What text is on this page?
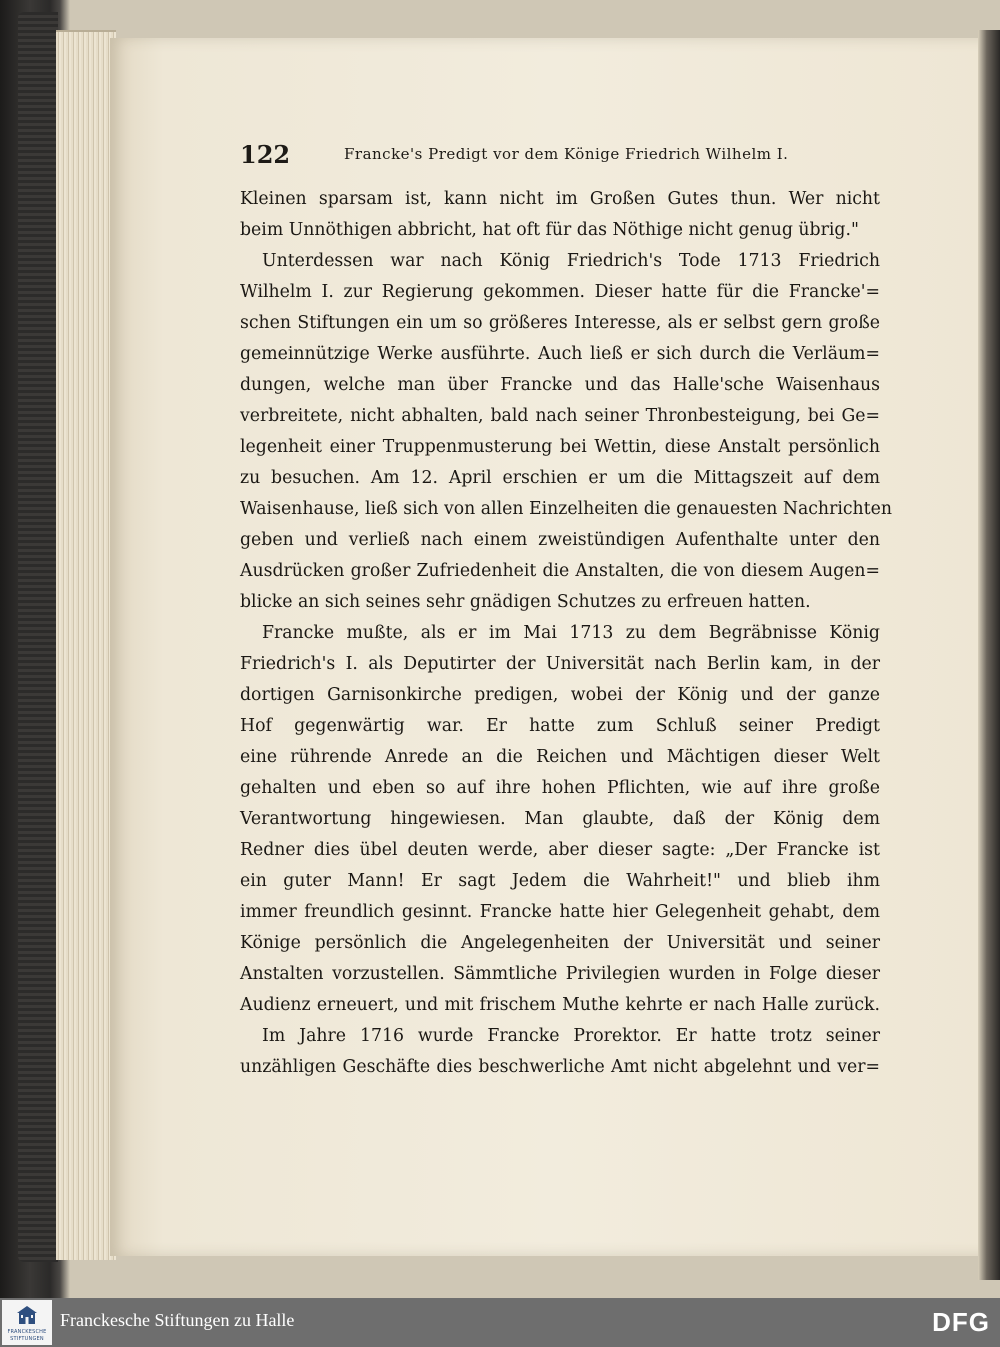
122	Francke's Predigt vor dem Könige Friedrich Wilhelm I.
Kleinen sparsam ist, kann nicht im Großen Gutes thun. Wer nicht
beim Unnöthigen abbricht, hat oft für das Nöthige nicht genug übrig."
Unterdessen war nach König Friedrich's Tode 1713 Friedrich
Wilhelm I. zur Regierung gekommen. Dieser hatte für die Francke'=
schen Stiftungen ein um so größeres Interesse, als er selbst gern große
gemeinnützige Werke ausführte. Auch ließ er sich durch die Verläum=
dungen, welche man über Francke und das Halle'sche Waisenhaus
verbreitete, nicht abhalten, bald nach seiner Thronbesteigung, bei Ge=
legenheit einer Truppenmusterung bei Wettin, diese Anstalt persönlich
zu besuchen. Am 12. April erschien er um die Mittagszeit auf dem
Waisenhause, ließ sich von allen Einzelheiten die genauesten Nachrichten
geben und verließ nach einem zweistündigen Aufenthalte unter den
Ausdrücken großer Zufriedenheit die Anstalten, die von diesem Augen=
blicke an sich seines sehr gnädigen Schutzes zu erfreuen hatten.
Francke mußte, als er im Mai 1713 zu dem Begräbnisse König
Friedrich's I. als Deputirter der Universität nach Berlin kam, in der
dortigen Garnisonkirche predigen, wobei der König und der ganze
Hof gegenwärtig war. Er hatte zum Schluß seiner Predigt
eine rührende Anrede an die Reichen und Mächtigen dieser Welt
gehalten und eben so auf ihre hohen Pflichten, wie auf ihre große
Verantwortung hingewiesen. Man glaubte, daß der König dem
Redner dies übel deuten werde, aber dieser sagte: „Der Francke ist
ein guter Mann! Er sagt Jedem die Wahrheit!" und blieb ihm
immer freundlich gesinnt. Francke hatte hier Gelegenheit gehabt, dem
Könige persönlich die Angelegenheiten der Universität und seiner
Anstalten vorzustellen. Sämmtliche Privilegien wurden in Folge dieser
Audienz erneuert, und mit frischem Muthe kehrte er nach Halle zurück.
Im Jahre 1716 wurde Francke Prorektor. Er hatte trotz seiner
unzähligen Geschäfte dies beschwerliche Amt nicht abgelehnt und ver=
FRANCKESCHE
STIFTUNGEN
Franckesche Stiftungen zu Halle	DFG
